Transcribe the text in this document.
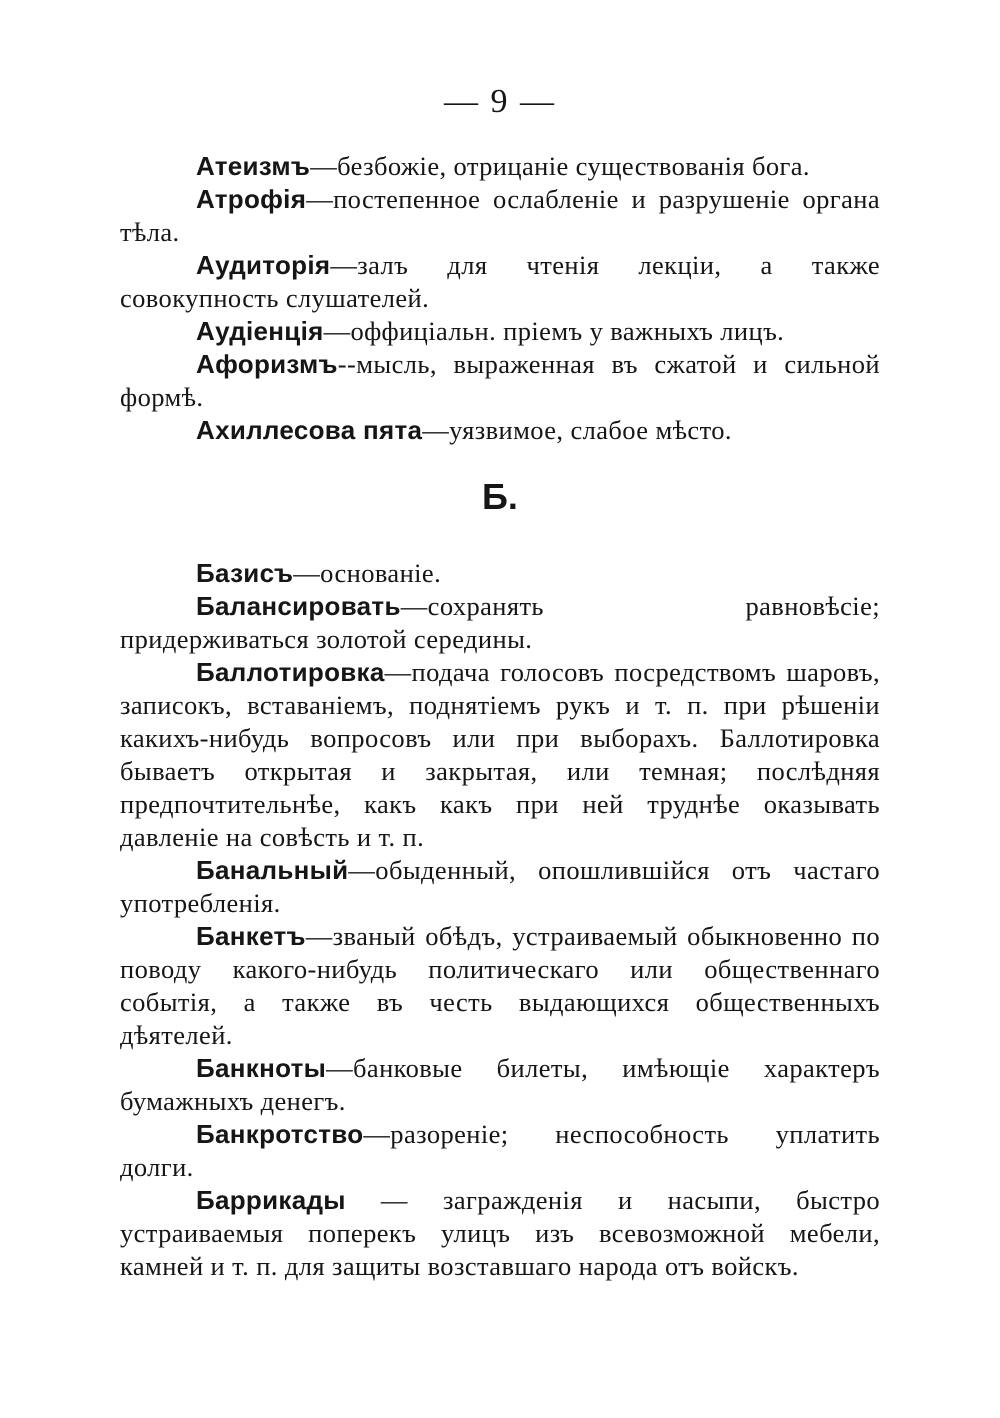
— 9 —

Атеизмъ—безбожіе, отрицаніе существованія бога.

Атрофія—постепенное ослабленіе и разрушеніе органа тѣла.

Аудиторія—залъ для чтенія лекціи, а также совокупность слушателей.

Аудіенція—оффиціальн. пріемъ у важныхъ лицъ.

Афоризмъ--мысль, выраженная въ сжатой и сильной формѣ.

Ахиллесова пята—уязвимое, слабое мѣсто.

Б.

Базисъ—основаніе.

Балансировать—сохранять равновѣсіе; придерживаться золотой середины.

Баллотировка—подача голосовъ посредствомъ шаровъ, записокъ, вставаніемъ, поднятіемъ рукъ и т. п. при рѣшеніи какихъ-нибудь вопросовъ или при выборахъ. Баллотировка бываетъ открытая и закрытая, или темная; послѣдняя предпочтительнѣе, какъ какъ при ней труднѣе оказывать давленіе на совѣсть и т. п.

Банальный—обыденный, опошлившійся отъ частаго употребленія.

Банкетъ—званый обѣдъ, устраиваемый обыкновенно по поводу какого-нибудь политическаго или общественнаго событія, а также въ честь выдающихся общественныхъ дѣятелей.

Банкноты—банковые билеты, имѣющіе характеръ бумажныхъ денегъ.

Банкротство—разореніе; неспособность уплатить долги.

Баррикады — загражденія и насыпи, быстро устраиваемыя поперекъ улицъ изъ всевозможной мебели, камней и т. п. для защиты возставшаго народа отъ войскъ.
